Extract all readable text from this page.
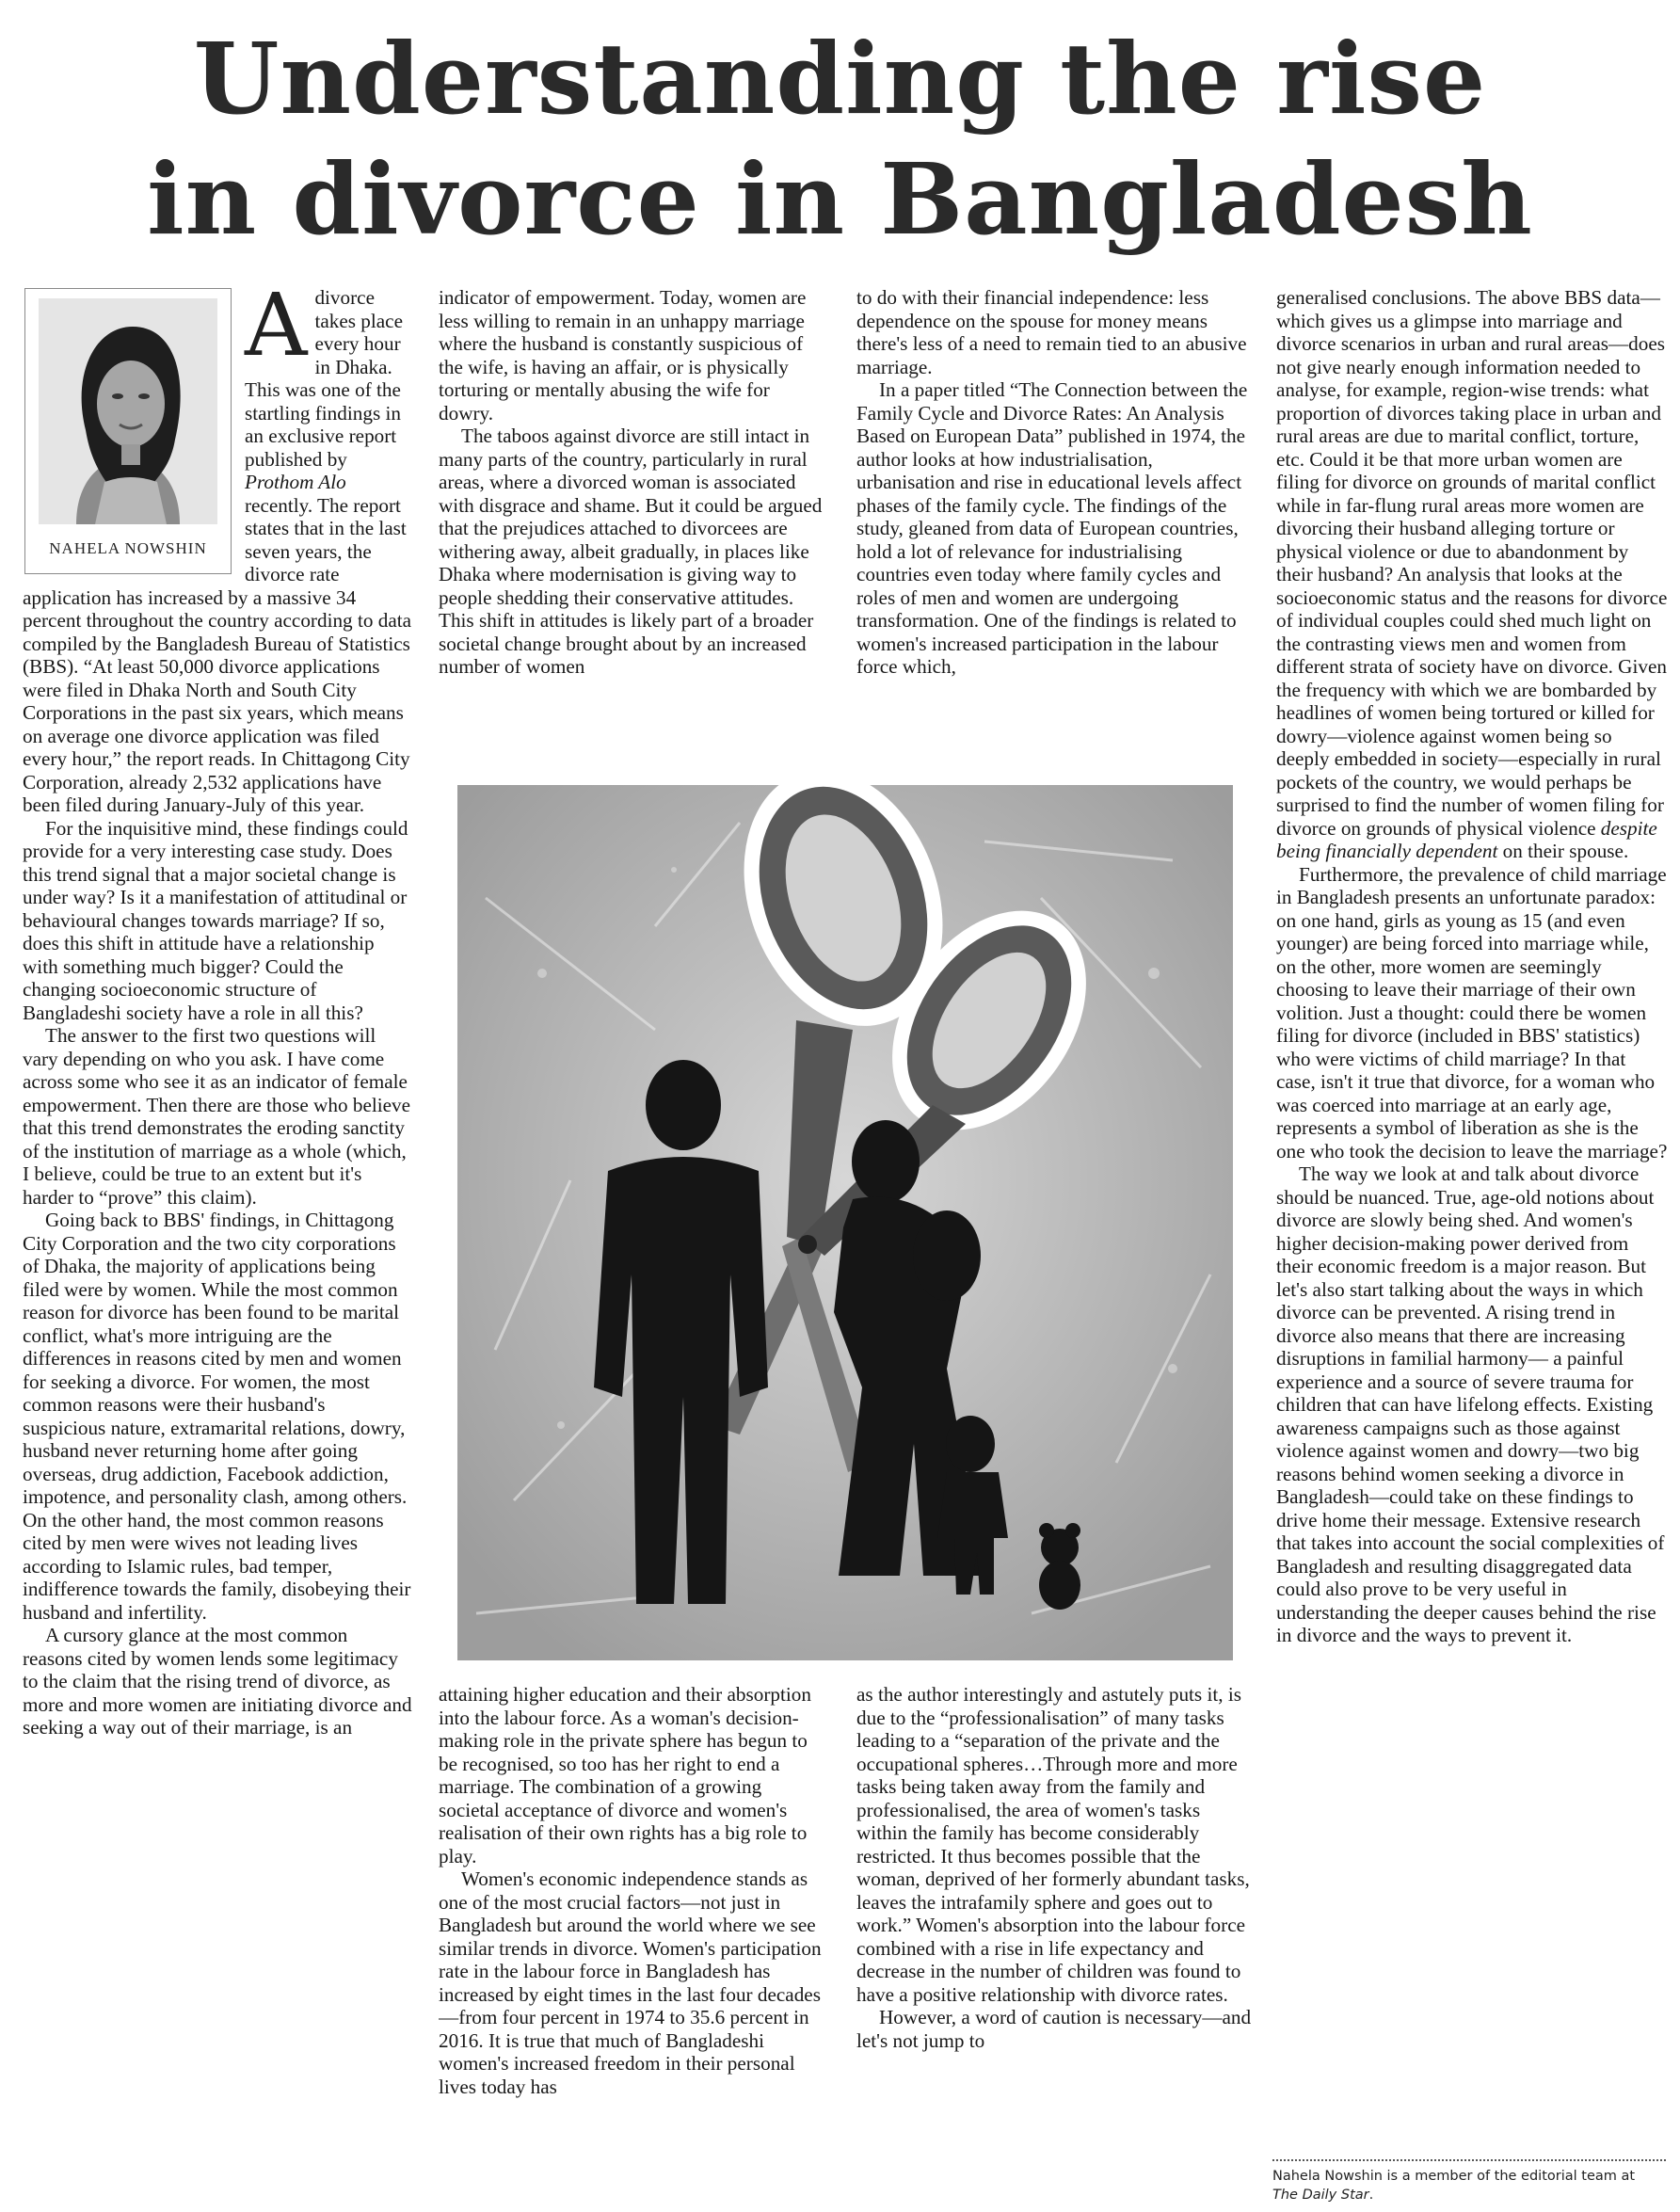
Understanding the rise
in divorce in Bangladesh
NAHELA NOWSHIN

A divorce takes place every hour in Dhaka. This was one of the startling findings in an exclusive report published by Prothom Alo recently. The report states that in the last seven years, the divorce rate application has increased by a massive 34 percent throughout the country according to data compiled by the Bangladesh Bureau of Statistics (BBS). “At least 50,000 divorce applications were filed in Dhaka North and South City Corporations in the past six years, which means on average one divorce application was filed every hour,” the report reads. In Chittagong City Corporation, already 2,532 applications have been filed during January-July of this year.

For the inquisitive mind, these findings could provide for a very interesting case study. Does this trend signal that a major societal change is under way? Is it a manifestation of attitudinal or behavioural changes towards marriage? If so, does this shift in attitude have a relationship with something much bigger? Could the changing socioeconomic structure of Bangladeshi society have a role in all this?

The answer to the first two questions will vary depending on who you ask. I have come across some who see it as an indicator of female empowerment. Then there are those who believe that this trend demonstrates the eroding sanctity of the institution of marriage as a whole (which, I believe, could be true to an extent but it's harder to “prove” this claim).

Going back to BBS' findings, in Chittagong City Corporation and the two city corporations of Dhaka, the majority of applications being filed were by women. While the most common reason for divorce has been found to be marital conflict, what's more intriguing are the differences in reasons cited by men and women for seeking a divorce. For women, the most common reasons were their husband's suspicious nature, extramarital relations, dowry, husband never returning home after going overseas, drug addiction, Facebook addiction, impotence, and personality clash, among others. On the other hand, the most common reasons cited by men were wives not leading lives according to Islamic rules, bad temper, indifference towards the family, disobeying their husband and infertility.

A cursory glance at the most common reasons cited by women lends some legitimacy to the claim that the rising trend of divorce, as more and more women are initiating divorce and seeking a way out of their marriage, is an

indicator of empowerment. Today, women are less willing to remain in an unhappy marriage where the husband is constantly suspicious of the wife, is having an affair, or is physically torturing or mentally abusing the wife for dowry.

The taboos against divorce are still intact in many parts of the country, particularly in rural areas, where a divorced woman is associated with disgrace and shame. But it could be argued that the prejudices attached to divorcees are withering away, albeit gradually, in places like Dhaka where modernisation is giving way to people shedding their conservative attitudes. This shift in attitudes is likely part of a broader societal change brought about by an increased number of women

to do with their financial independence: less dependence on the spouse for money means there's less of a need to remain tied to an abusive marriage.

In a paper titled “The Connection between the Family Cycle and Divorce Rates: An Analysis Based on European Data” published in 1974, the author looks at how industrialisation, urbanisation and rise in educational levels affect phases of the family cycle. The findings of the study, gleaned from data of European countries, hold a lot of relevance for industrialising countries even today where family cycles and roles of men and women are undergoing transformation. One of the findings is related to women's increased participation in the labour force which,

attaining higher education and their absorption into the labour force. As a woman's decision-making role in the private sphere has begun to be recognised, so too has her right to end a marriage. The combination of a growing societal acceptance of divorce and women's realisation of their own rights has a big role to play.

Women's economic independence stands as one of the most crucial factors—not just in Bangladesh but around the world where we see similar trends in divorce. Women's participation rate in the labour force in Bangladesh has increased by eight times in the last four decades—from four percent in 1974 to 35.6 percent in 2016. It is true that much of Bangladeshi women's increased freedom in their personal lives today has

as the author interestingly and astutely puts it, is due to the “professionalisation” of many tasks leading to a “separation of the private and the occupational spheres…Through more and more tasks being taken away from the family and professionalised, the area of women's tasks within the family has become considerably restricted. It thus becomes possible that the woman, deprived of her formerly abundant tasks, leaves the intrafamily sphere and goes out to work.” Women's absorption into the labour force combined with a rise in life expectancy and decrease in the number of children was found to have a positive relationship with divorce rates.

However, a word of caution is necessary—and let's not jump to

generalised conclusions. The above BBS data—which gives us a glimpse into marriage and divorce scenarios in urban and rural areas—does not give nearly enough information needed to analyse, for example, region-wise trends: what proportion of divorces taking place in urban and rural areas are due to marital conflict, torture, etc. Could it be that more urban women are filing for divorce on grounds of marital conflict while in far-flung rural areas more women are divorcing their husband alleging torture or physical violence or due to abandonment by their husband? An analysis that looks at the socioeconomic status and the reasons for divorce of individual couples could shed much light on the contrasting views men and women from different strata of society have on divorce. Given the frequency with which we are bombarded by headlines of women being tortured or killed for dowry—violence against women being so deeply embedded in society—especially in rural pockets of the country, we would perhaps be surprised to find the number of women filing for divorce on grounds of physical violence despite being financially dependent on their spouse.

Furthermore, the prevalence of child marriage in Bangladesh presents an unfortunate paradox: on one hand, girls as young as 15 (and even younger) are being forced into marriage while, on the other, more women are seemingly choosing to leave their marriage of their own volition. Just a thought: could there be women filing for divorce (included in BBS' statistics) who were victims of child marriage? In that case, isn't it true that divorce, for a woman who was coerced into marriage at an early age, represents a symbol of liberation as she is the one who took the decision to leave the marriage?

The way we look at and talk about divorce should be nuanced. True, age-old notions about divorce are slowly being shed. And women's higher decision-making power derived from their economic freedom is a major reason. But let's also start talking about the ways in which divorce can be prevented. A rising trend in divorce also means that there are increasing disruptions in familial harmony— a painful experience and a source of severe trauma for children that can have lifelong effects. Existing awareness campaigns such as those against violence against women and dowry—two big reasons behind women seeking a divorce in Bangladesh—could take on these findings to drive home their message. Extensive research that takes into account the social complexities of Bangladesh and resulting disaggregated data could also prove to be very useful in understanding the deeper causes behind the rise in divorce and the ways to prevent it.

Nahela Nowshin is a member of the editorial team at
The Daily Star.
